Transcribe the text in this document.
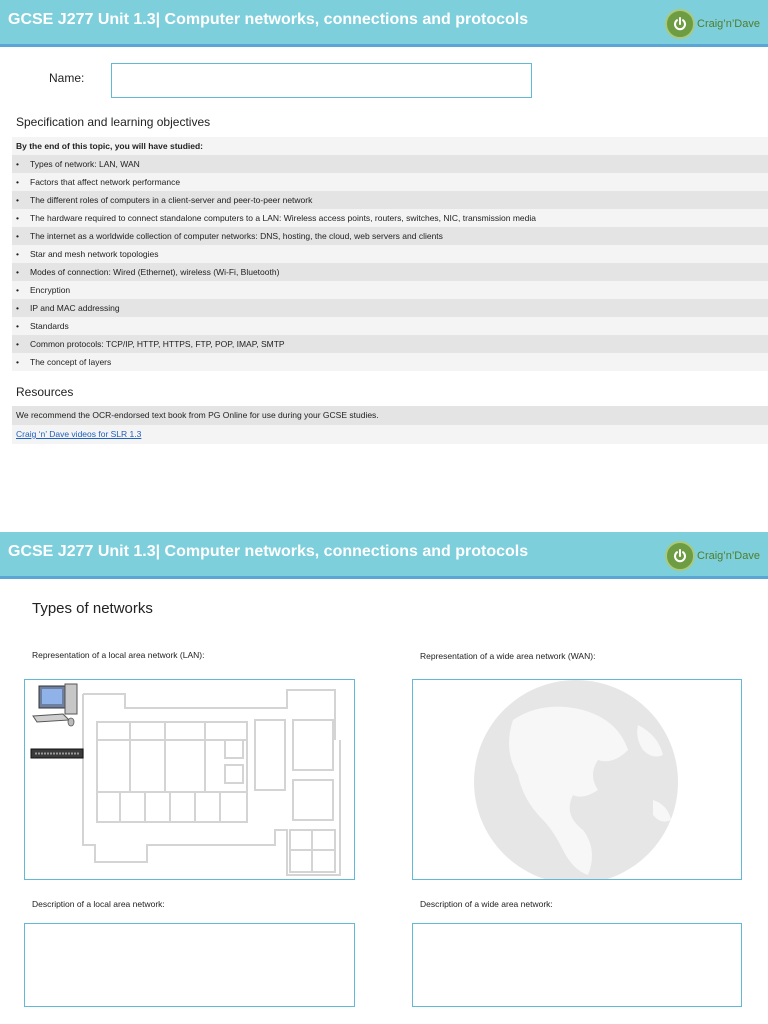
GCSE J277 Unit 1.3| Computer networks, connections and protocols	Craig’n’Dave
Name:
Specification and learning objectives
By the end of this topic, you will have studied:
• Types of network: LAN, WAN
• Factors that affect network performance
• The different roles of computers in a client-server and peer-to-peer network
• The hardware required to connect standalone computers to a LAN: Wireless access points, routers, switches, NIC, transmission media
• The internet as a worldwide collection of computer networks: DNS, hosting, the cloud, web servers and clients
• Star and mesh network topologies
• Modes of connection: Wired (Ethernet), wireless (Wi-Fi, Bluetooth)
• Encryption
• IP and MAC addressing
• Standards
• Common protocols: TCP/IP, HTTP, HTTPS, FTP, POP, IMAP, SMTP
• The concept of layers
Resources
We recommend the OCR-endorsed text book from PG Online for use during your GCSE studies.
Craig ‘n’ Dave videos for SLR 1.3
GCSE J277 Unit 1.3| Computer networks, connections and protocols	Craig’n’Dave
Types of networks
Representation of a local area network (LAN):	Representation of a wide area network (WAN):
Description of a local area network:	Description of a wide area network:
